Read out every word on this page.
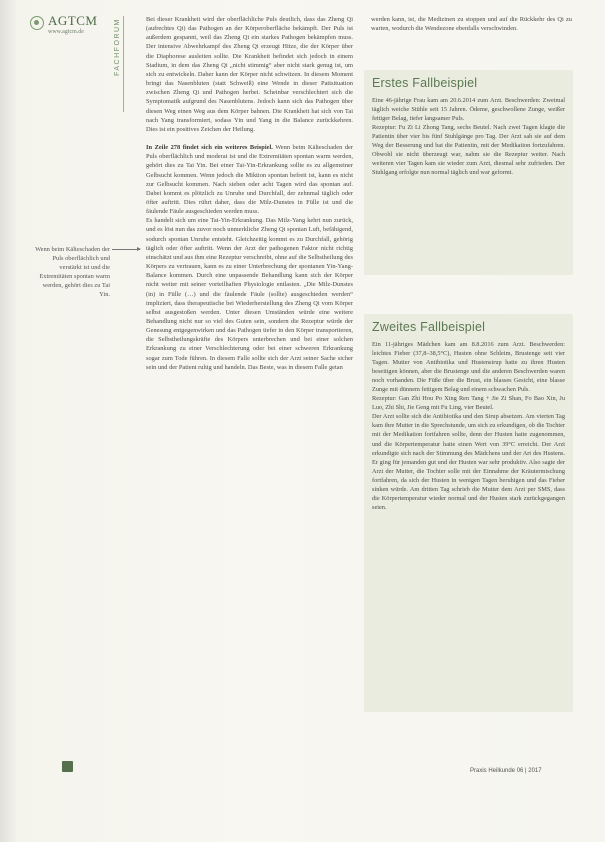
AGTCM
www.agtcm.de	FACHFORUM
Wenn beim Kälteschaden der Puls oberflächlich und verstärkt ist und die Extremitäten spontan warm werden, gehört dies zu Tai Yin.

Bei dieser Krankheit wird der oberflächliche Puls deutlich, dass das Zheng Qi (aufrechtes Qi) das Pathogen an der Körperoberfläche bekämpft. Der Puls ist außerdem gespannt, weil das Zheng Qi ein starkes Pathogen bekämpfen muss. Der intensive Abwehrkampf des Zheng Qi erzeugt Hitze, die der Körper über die Diaphorese ausleiten sollte. Die Krankheit befindet sich jedoch in einem Stadium, in dem das Zheng Qi „nicht stimmig“ aber nicht stark genug ist, um sich zu entwickeln. Daher kann der Körper nicht schwitzen. In diesem Moment bringt das Nasenbluten (statt Schweiß) eine Wende in dieser Pattsituation zwischen Zheng Qi und Pathogen herbei. Scheinbar verschlechtert sich die Symptomatik aufgrund des Nasenblutens. Jedoch kann sich das Pathogen über diesen Weg einen Weg aus dem Körper bahnen. Die Krankheit hat sich von Tai nach Yang transformiert, sodass Yin und Yang in die Balance zurückkehren. Dies ist ein positives Zeichen der Heilung.

In Zeile 278 findet sich ein weiteres Beispiel. Wenn beim Kälteschaden der Puls oberflächlich und moderat ist und die Extremitäten spontan warm werden, gehört dies zu Tai Yin. Bei einer Tai-Yin-Erkrankung sollte es zu allgemeiner Gelbsucht kommen. Wenn jedoch die Miktion spontan befreit ist, kann es nicht zur Gelbsucht kommen. Nach sieben oder acht Tagen wird das spontan auf. Dabei kommt es plötzlich zu Unruhe und Durchfall, der zehnmal täglich oder öfter auftritt. Dies rührt daher, dass die Milz-Dunstes in Fülle ist und die fäulende Fäule ausgeschieden werden muss.

Es handelt sich um eine Tai-Yin-Erkrankung. Das Milz-Yang kehrt nun zurück, und es löst nun das zuvor noch unmerkliche Zheng Qi spontan Luft, befähigend, sodurch spontan Unruhe entsteht. Gleichzeitig kommt es zu Durchfall, gehörig täglich oder öfter auftritt. Wenn der Arzt der pathogenen Faktor nicht richtig einschätzt und aus ihm eine Rezeptur verschreibt, ohne auf die Selbstheilung des Körpers zu vertrauen, kann es zu einer Unterbrechung der spontanen Yin-Yang-Balance kommen. Durch eine unpassende Behandlung kann sich der Körper nicht weiter mit seiner vorteilhaften Physiologie entlasten. „Die Milz-Dunstes (in) in Fülle (…) und die fäulende Fäule (sollte) ausgeschieden werden“ impliziert, dass therapeutische bei Wiederherstellung des Zheng Qi vom Körper selbst ausgestoßen werden. Unter diesen Umständen würde eine weitere Behandlung nicht nur so viel des Guten sein, sondern die Rezeptur würde der Genesung entgegenwirken und das Pathogen tiefer in den Körper transportieren, die Selbstheilungskräfte des Körpers unterbrechen und bei einer solchen Erkrankung zu einer Verschlechterung oder bei einer schweren Erkrankung sogar zum Tode führen. In diesem Falle sollte sich der Arzt seiner Sache sicher sein und der Patient ruhig und handeln. Das Beste, was in diesem Falle getan

werden kann, ist, die Medizinen zu stoppen und auf die Rückkehr des Qi zu warten, wodurch die Wendezone ebenfalls verschwinden.

Erstes Fallbeispiel

Eine 46-jährige Frau kam am 20.6.2014 zum Arzt. Beschwerden: Zweimal täglich weiche Stühle seit 15 Jahren. Ödeme, geschwollene Zunge, weißer fettiger Belag, tiefer langsamer Puls.

Rezeptur: Fu Zi Li Zhong Tang, sechs Beutel. Nach zwei Tagen klagte die Patientin über vier bis fünf Stuhlgänge pro Tag. Der Arzt sah sie auf dem Weg der Besserung und bat die Patientin, mit der Medikation fortzufahren. Obwohl sie nicht überzeugt war, nahm sie die Rezeptur weiter. Nach weiteren vier Tagen kam sie wieder zum Arzt, diesmal sehr zufrieden. Der Stuhlgang erfolgte nun normal täglich und war geformt.

Zweites Fallbeispiel

Ein 11-jähriges Mädchen kam am 8.8.2016 zum Arzt. Beschwerden: leichtes Fieber (37,8–38,5°C), Husten ohne Schleim, Brustenge seit vier Tagen. Mutter von Antibiotika und Hustensirup hatte zu ihren Husten beseitigen können, aber die Brustenge und die anderen Beschwerden waren noch vorhanden. Die Füße über die Brust, ein blasses Gesicht, eine blasse Zunge mit dünnem fettigem Belag und einem schwachen Puls.

Rezeptur: Gan Zhi Hou Po Xing Ren Tang + Jie Zi Shan, Fo Bao Xin, Ju Luo, Zhi Shi, Jie Geng mit Fu Ling, vier Beutel.

Der Arzt sollte sich die Antibiotika und den Sirup absetzen. Am vierten Tag kam ihre Mutter in die Sprechstunde, um sich zu erkundigen, ob die Tochter mit der Medikation fortfahren sollte, denn der Husten hatte zugenommen, und die Körpertemperatur hatte einen Wert von 39°C erreicht. Der Arzt erkundigte sich nach der Stimmung des Mädchens und der Art des Hustens. Er ging für jemanden gut und der Husten war sehr produktiv. Also sagte der Arzt der Mutter, die Tochter solle mit der Einnahme der Kräutermischung fortfahren, da sich der Husten in wenigen Tagen beruhigen und das Fieber sinken würde. Am dritten Tag schrieb die Mutter dem Arzt per SMS, dass die Körpertemperatur wieder normal und der Husten stark zurückgegangen seien.

Praxis Heilkunde 06 | 2017
